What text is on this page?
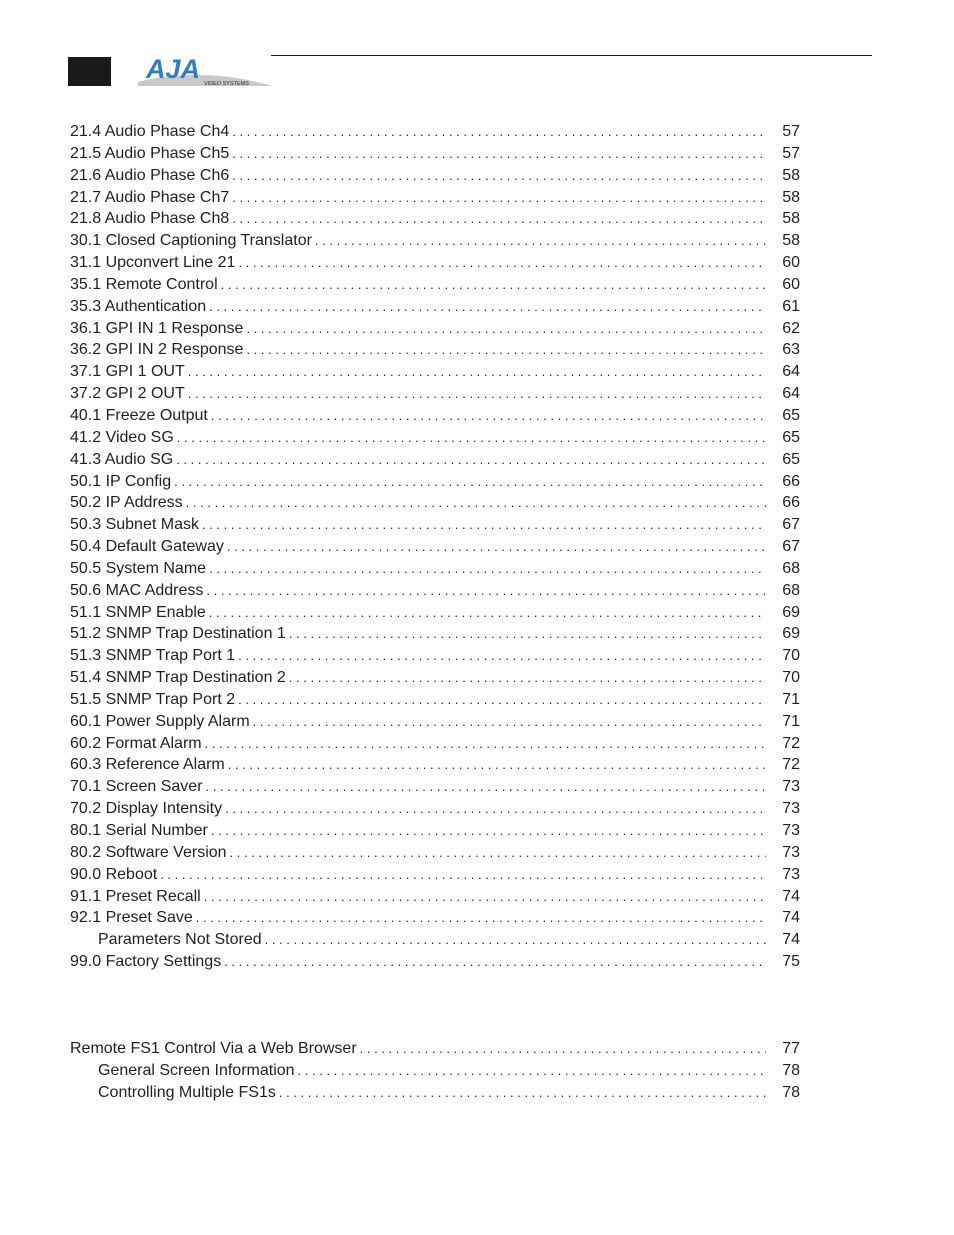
AJA VIDEO SYSTEMS
21.4 Audio Phase Ch4 . . .	57
21.5 Audio Phase Ch5 . . .	57
21.6 Audio Phase Ch6 . . .	58
21.7 Audio Phase Ch7 . . .	58
21.8 Audio Phase Ch8 . . .	58
30.1 Closed Captioning Translator . . .	58
31.1 Upconvert Line 21 . . .	60
35.1 Remote Control . . .	60
35.3 Authentication . . .	61
36.1 GPI IN 1 Response . . .	62
36.2 GPI IN 2 Response . . .	63
37.1 GPI 1 OUT . . .	64
37.2 GPI 2 OUT . . .	64
40.1 Freeze Output . . .	65
41.2 Video SG . . .	65
41.3 Audio SG . . .	65
50.1 IP Config . . .	66
50.2 IP Address . . .	66
50.3 Subnet Mask . . .	67
50.4 Default Gateway . . .	67
50.5 System Name . . .	68
50.6 MAC Address . . .	68
51.1 SNMP Enable . . .	69
51.2 SNMP Trap Destination 1 . . .	69
51.3 SNMP Trap Port 1 . . .	70
51.4 SNMP Trap Destination 2 . . .	70
51.5 SNMP Trap Port 2 . . .	71
60.1 Power Supply Alarm . . .	71
60.2 Format Alarm . . .	72
60.3 Reference Alarm . . .	72
70.1 Screen Saver . . .	73
70.2 Display Intensity . . .	73
80.1 Serial Number . . .	73
80.2 Software Version . . .	73
90.0 Reboot . . .	73
91.1 Preset Recall . . .	74
92.1 Preset Save . . .	74
Parameters Not Stored . . .	74
99.0 Factory Settings . . .	75
Remote FS1 Control Via a Web Browser . . .	77
General Screen Information . . .	78
Controlling Multiple FS1s . . .	78
